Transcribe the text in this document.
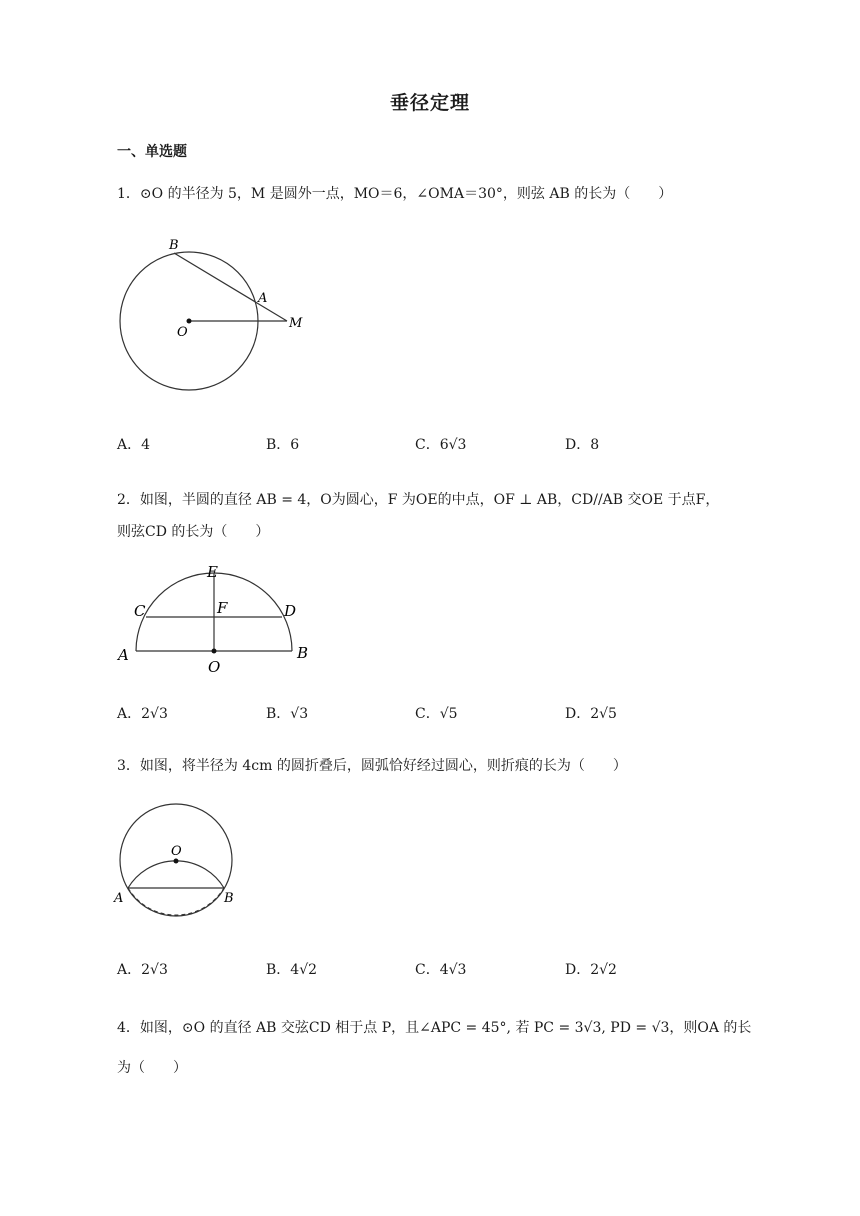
垂径定理
一、单选题
1．⊙O 的半径为 5，M 是圆外一点，MO＝6，∠OMA＝30°，则弦 AB 的长为（　　）
B
A
O
M
A．4	B．6	C．6√3	D．8
2．如图，半圆的直径 AB = 4，O为圆心，F 为OE的中点，OF ⊥ AB，CD//AB 交OE 于点F，
则弦CD 的长为（　　）
E
C	F	D
A
O
B
A．2√3	B．√3	C．√5	D．2√5
3．如图，将半径为 4cm 的圆折叠后，圆弧恰好经过圆心，则折痕的长为（　　）
O
A	B
A．2√3	B．4√2	C．4√3	D．2√2
4．如图，⊙O 的直径 AB 交弦CD 相于点 P，且∠APC = 45°, 若 PC = 3√3, PD = √3，则OA 的长
为（　　）
